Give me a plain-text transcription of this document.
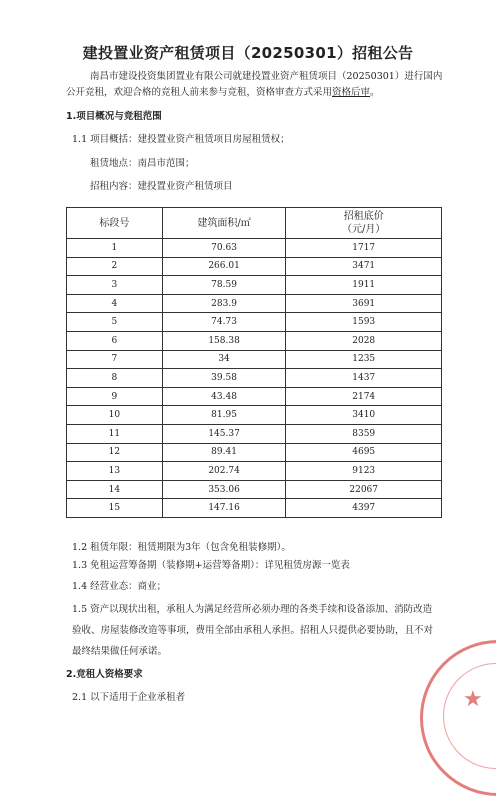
建投置业资产租赁项目（20250301）招租公告
南昌市建设投资集团置业有限公司就建投置业资产租赁项目（20250301）进行国内
公开竞租，欢迎合格的竞租人前来参与竞租，资格审查方式采用资格后审。
1.项目概况与竞租范围
1.1 项目概括：建投置业资产租赁项目房屋租赁权；
租赁地点：南昌市范围；
招租内容：建投置业资产租赁项目
标段号	建筑面积/㎡	招租底价
（元/月）
1	70.63	1717
2	266.01	3471
3	78.59	1911
4	283.9	3691
5	74.73	1593
6	158.38	2028
7	34	1235
8	39.58	1437
9	43.48	2174
10	81.95	3410
11	145.37	8359
12	89.41	4695
13	202.74	9123
14	353.06	22067
15	147.16	4397
1.2 租赁年限：租赁期限为3年（包含免租装修期）。
1.3 免租运营筹备期（装修期+运营筹备期）：详见租赁房源一览表
1.4 经营业态：商业；
1.5 资产以现状出租，承租人为满足经营所必须办理的各类手续和设备添加、消防改造
验收、房屋装修改造等事项，费用全部由承租人承担。招租人只提供必要协助，且不对
最终结果做任何承诺。
2.竞租人资格要求
2.1 以下适用于企业承租者	★
